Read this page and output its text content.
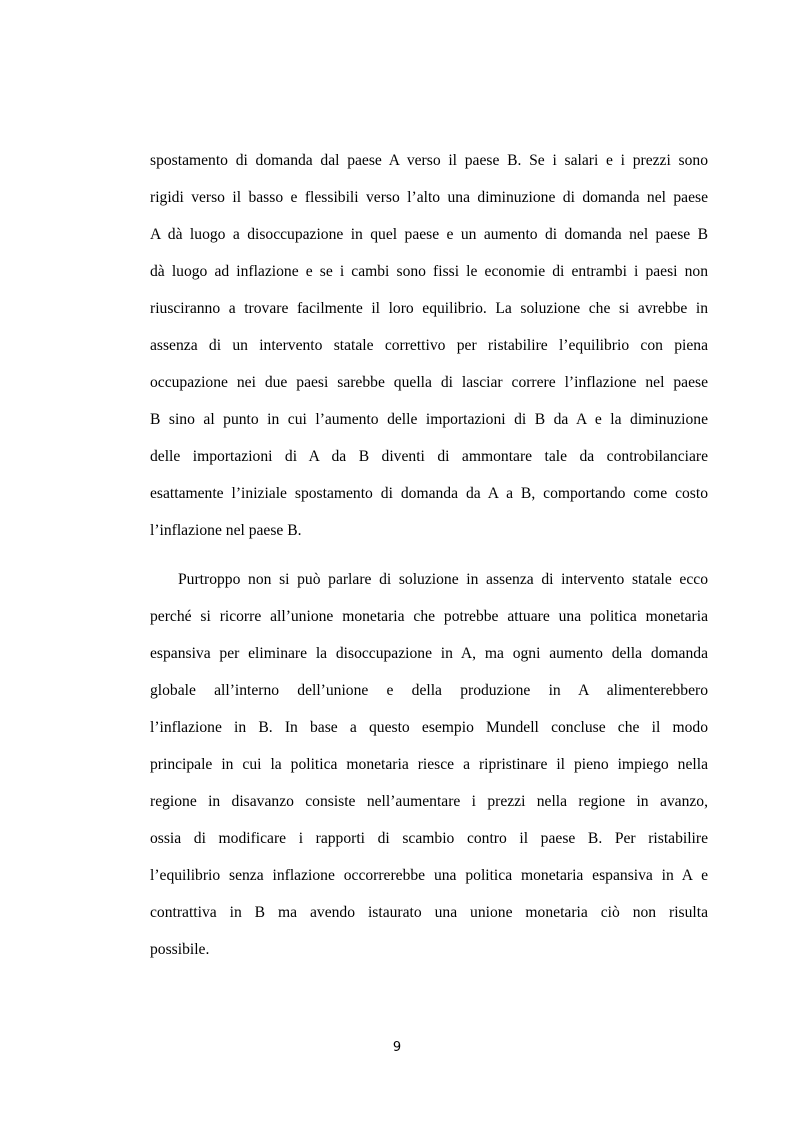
spostamento di domanda dal paese A verso il paese B. Se i salari e i prezzi sono
rigidi verso il basso e flessibili verso l’alto una diminuzione di domanda nel paese
A dà luogo a disoccupazione in quel paese e un aumento di domanda nel paese B
dà luogo ad inflazione e se i cambi sono fissi le economie di entrambi i paesi non
riusciranno a trovare facilmente il loro equilibrio. La soluzione che si avrebbe in
assenza di un intervento statale correttivo per ristabilire l’equilibrio con piena
occupazione nei due paesi sarebbe quella di lasciar correre l’inflazione nel paese
B sino al punto in cui l’aumento delle importazioni di B da A e la diminuzione
delle importazioni di A da B diventi di ammontare tale da controbilanciare
esattamente l’iniziale spostamento di domanda da A a B, comportando come costo
l’inflazione nel paese B.
Purtroppo non si può parlare di soluzione in assenza di intervento statale ecco
perché si ricorre all’unione monetaria che potrebbe attuare una politica monetaria
espansiva per eliminare la disoccupazione in A, ma ogni aumento della domanda
globale all’interno dell’unione e della produzione in A alimenterebbero
l’inflazione in B. In base a questo esempio Mundell concluse che il modo
principale in cui la politica monetaria riesce a ripristinare il pieno impiego nella
regione in disavanzo consiste nell’aumentare i prezzi nella regione in avanzo,
ossia di modificare i rapporti di scambio contro il paese B. Per ristabilire
l’equilibrio senza inflazione occorrerebbe una politica monetaria espansiva in A e
contrattiva in B ma avendo istaurato una unione monetaria ciò non risulta
possibile.
9
